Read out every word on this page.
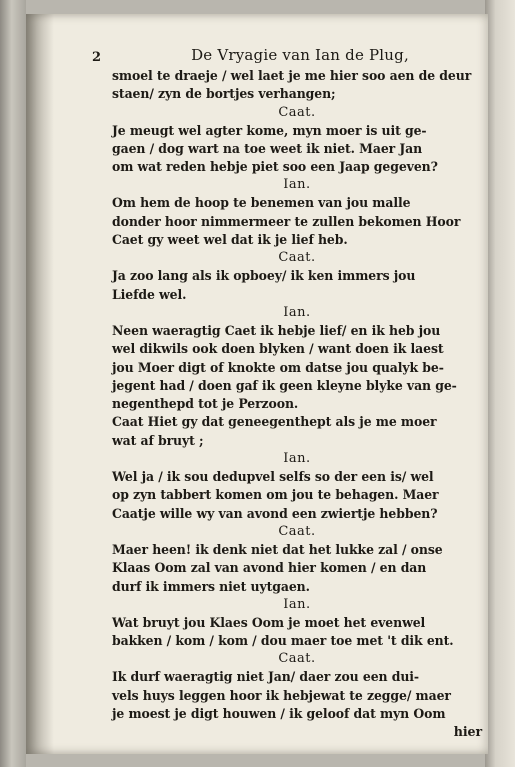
2	De Vryagie van Ian de Plug,
smoel te draeje / wel laet je me hier soo aen de deur
staen/ zyn de bortjes verhangen;
Caat.
Je meugt wel agter kome, myn moer is uit ge-
gaen / dog wart na toe weet ik niet. Maer Jan
om wat reden hebje piet soo een Jaap gegeven?
Ian.
Om hem de hoop te benemen van jou malle
donder hoor nimmermeer te zullen bekomen Hoor
Caet gy weet wel dat ik je lief heb.
Caat.
Ja zoo lang als ik opboey/ ik ken immers jou
Liefde wel.
Ian.
Neen waeragtig Caet ik hebje lief/ en ik heb jou
wel dikwils ook doen blyken / want doen ik laest
jou Moer digt of knokte om datse jou qualyk be-
jegent had / doen gaf ik geen kleyne blyke van ge-
negenthepd tot je Perzoon.
Caat Hiet gy dat geneegenthept als je me moer
wat af bruyt ;
Ian.
Wel ja / ik sou dedupvel selfs so der een is/ wel
op zyn tabbert komen om jou te behagen. Maer
Caatje wille wy van avond een zwiertje hebben?
Caat.
Maer heen! ik denk niet dat het lukke zal / onse
Klaas Oom zal van avond hier komen / en dan
durf ik immers niet uytgaen.
Ian.
Wat bruyt jou Klaes Oom je moet het evenwel
bakken / kom / kom / dou maer toe met 't dik ent.
Caat.
Ik durf waeragtig niet Jan/ daer zou een dui-
vels huys leggen hoor ik hebjewat te zegge/ maer
je moest je digt houwen / ik geloof dat myn Oom
hier
